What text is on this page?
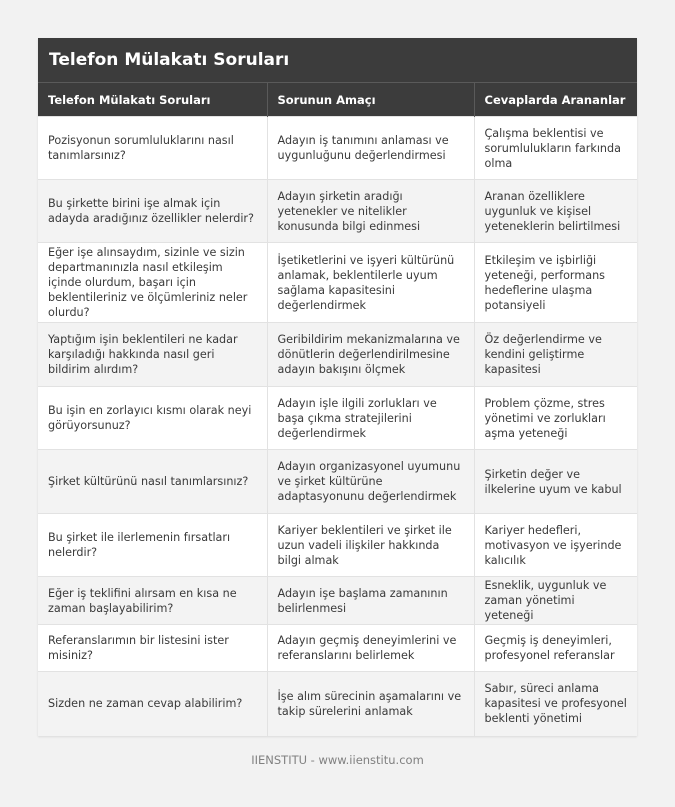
Telefon Mülakatı Soruları
Telefon Mülakatı Soruları	Sorunun Amaçı	Cevaplarda Arananlar
Pozisyonun sorumluluklarını nasıl tanımlarsınız?	Adayın iş tanımını anlaması ve uygunluğunu değerlendirmesi	Çalışma beklentisi ve sorumlulukların farkında olma
Bu şirkette birini işe almak için adayda aradığınız özellikler nelerdir?	Adayın şirketin aradığı yetenekler ve nitelikler konusunda bilgi edinmesi	Aranan özelliklere uygunluk ve kişisel yeteneklerin belirtilmesi
Eğer işe alınsaydım, sizinle ve sizin departmanınızla nasıl etkileşim içinde olurdum, başarı için beklentileriniz ve ölçümleriniz neler olurdu?	İşetiketlerini ve işyeri kültürünü anlamak, beklentilerle uyum sağlama kapasitesini değerlendirmek	Etkileşim ve işbirliği yeteneği, performans hedeflerine ulaşma potansiyeli
Yaptığım işin beklentileri ne kadar karşıladığı hakkında nasıl geri bildirim alırdım?	Geribildirim mekanizmalarına ve dönütlerin değerlendirilmesine adayın bakışını ölçmek	Öz değerlendirme ve kendini geliştirme kapasitesi
Bu işin en zorlayıcı kısmı olarak neyi görüyorsunuz?	Adayın işle ilgili zorlukları ve başa çıkma stratejilerini değerlendirmek	Problem çözme, stres yönetimi ve zorlukları aşma yeteneği
Şirket kültürünü nasıl tanımlarsınız?	Adayın organizasyonel uyumunu ve şirket kültürüne adaptasyonunu değerlendirmek	Şirketin değer ve ilkelerine uyum ve kabul
Bu şirket ile ilerlemenin fırsatları nelerdir?	Kariyer beklentileri ve şirket ile uzun vadeli ilişkiler hakkında bilgi almak	Kariyer hedefleri, motivasyon ve işyerinde kalıcılık
Eğer iş teklifini alırsam en kısa ne zaman başlayabilirim?	Adayın işe başlama zamanının belirlenmesi	Esneklik, uygunluk ve zaman yönetimi yeteneği
Referanslarımın bir listesini ister misiniz?	Adayın geçmiş deneyimlerini ve referanslarını belirlemek	Geçmiş iş deneyimleri, profesyonel referanslar
Sizden ne zaman cevap alabilirim?	İşe alım sürecinin aşamalarını ve takip sürelerini anlamak	Sabır, süreci anlama kapasitesi ve profesyonel beklenti yönetimi
IIENSTITU - www.iienstitu.com
